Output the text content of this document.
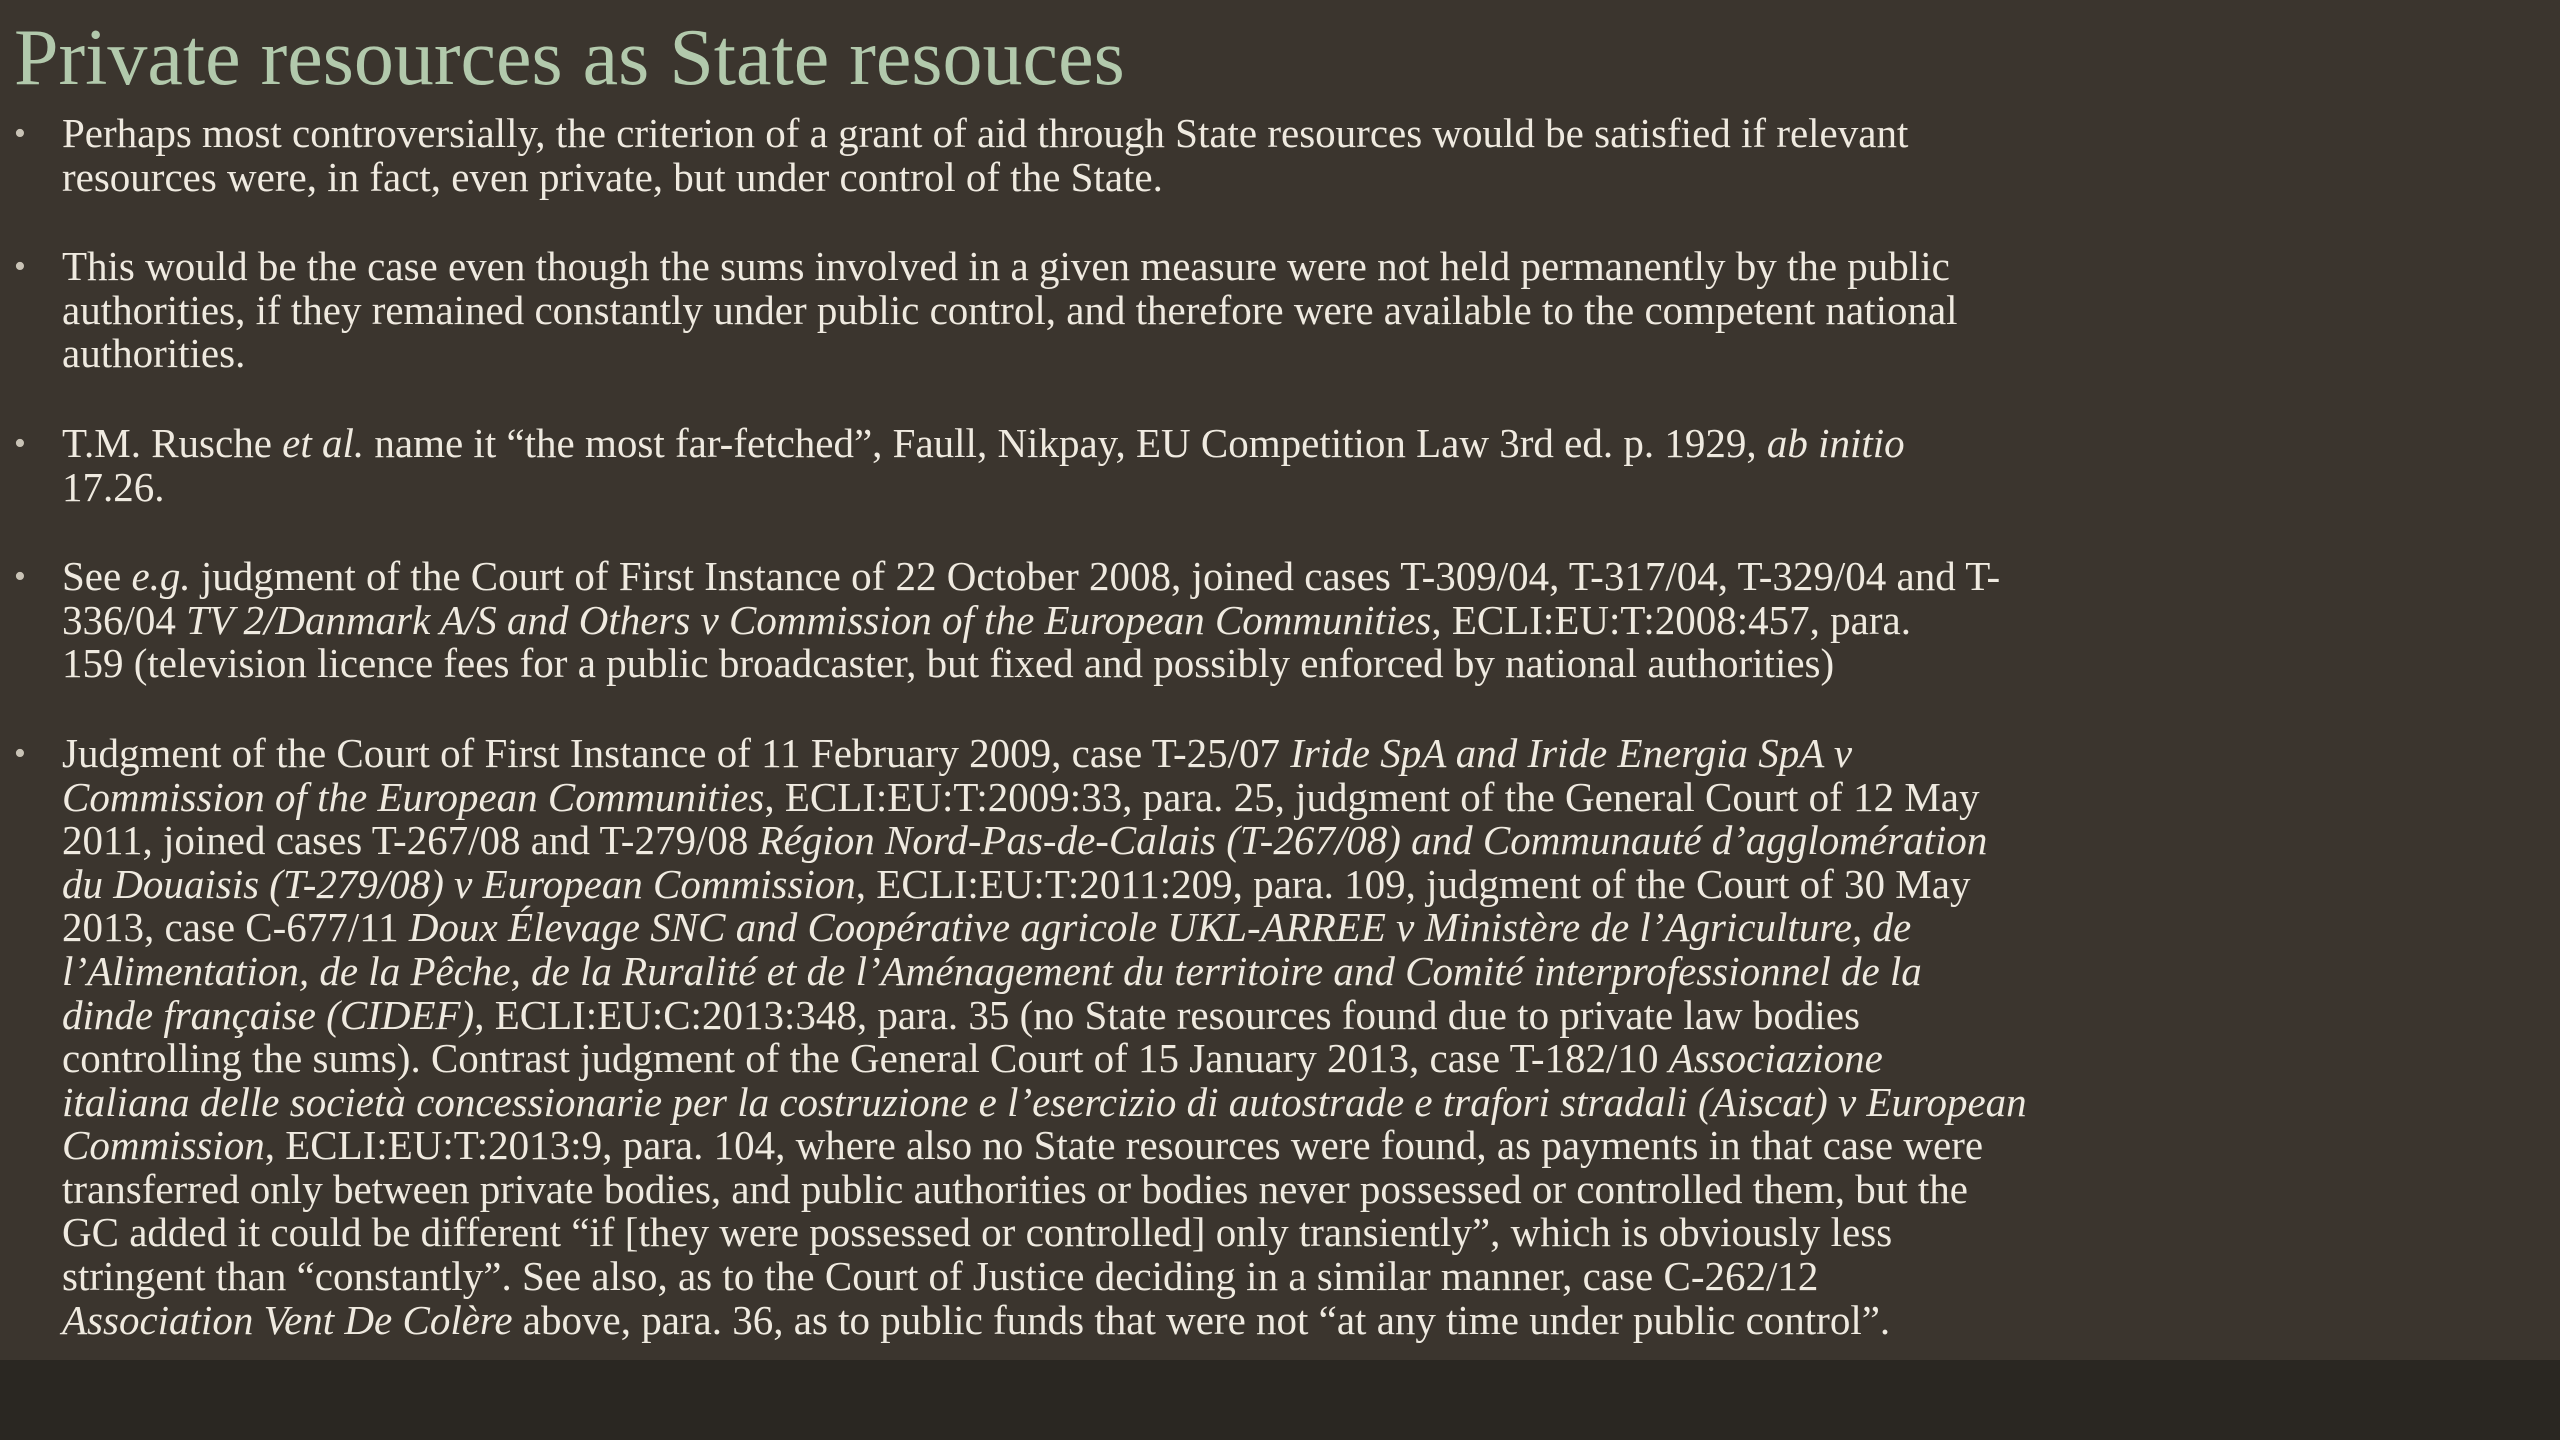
Private resources as State resouces
• Perhaps most controversially, the criterion of a grant of aid through State resources would be satisfied if relevant
resources were, in fact, even private, but under control of the State.
• This would be the case even though the sums involved in a given measure were not held permanently by the public
authorities, if they remained constantly under public control, and therefore were available to the competent national
authorities.
• T.M. Rusche et al. name it “the most far-fetched”, Faull, Nikpay, EU Competition Law 3rd ed. p. 1929, ab initio
17.26.
• See e.g. judgment of the Court of First Instance of 22 October 2008, joined cases T-309/04, T-317/04, T-329/04 and T-
336/04 TV 2/Danmark A/S and Others v Commission of the European Communities, ECLI:EU:T:2008:457, para.
159 (television licence fees for a public broadcaster, but fixed and possibly enforced by national authorities)
• Judgment of the Court of First Instance of 11 February 2009, case T-25/07 Iride SpA and Iride Energia SpA v
Commission of the European Communities, ECLI:EU:T:2009:33, para. 25, judgment of the General Court of 12 May
2011, joined cases T-267/08 and T-279/08 Région Nord-Pas-de-Calais (T-267/08) and Communauté d’agglomération
du Douaisis (T-279/08) v European Commission, ECLI:EU:T:2011:209, para. 109, judgment of the Court of 30 May
2013, case C-677/11 Doux Élevage SNC and Coopérative agricole UKL-ARREE v Ministère de l’Agriculture, de
l’Alimentation, de la Pêche, de la Ruralité et de l’Aménagement du territoire and Comité interprofessionnel de la
dinde française (CIDEF), ECLI:EU:C:2013:348, para. 35 (no State resources found due to private law bodies
controlling the sums). Contrast judgment of the General Court of 15 January 2013, case T-182/10 Associazione
italiana delle società concessionarie per la costruzione e l’esercizio di autostrade e trafori stradali (Aiscat) v European
Commission, ECLI:EU:T:2013:9, para. 104, where also no State resources were found, as payments in that case were
transferred only between private bodies, and public authorities or bodies never possessed or controlled them, but the
GC added it could be different “if [they were possessed or controlled] only transiently”, which is obviously less
stringent than “constantly”. See also, as to the Court of Justice deciding in a similar manner, case C-262/12
Association Vent De Colère above, para. 36, as to public funds that were not “at any time under public control”.
